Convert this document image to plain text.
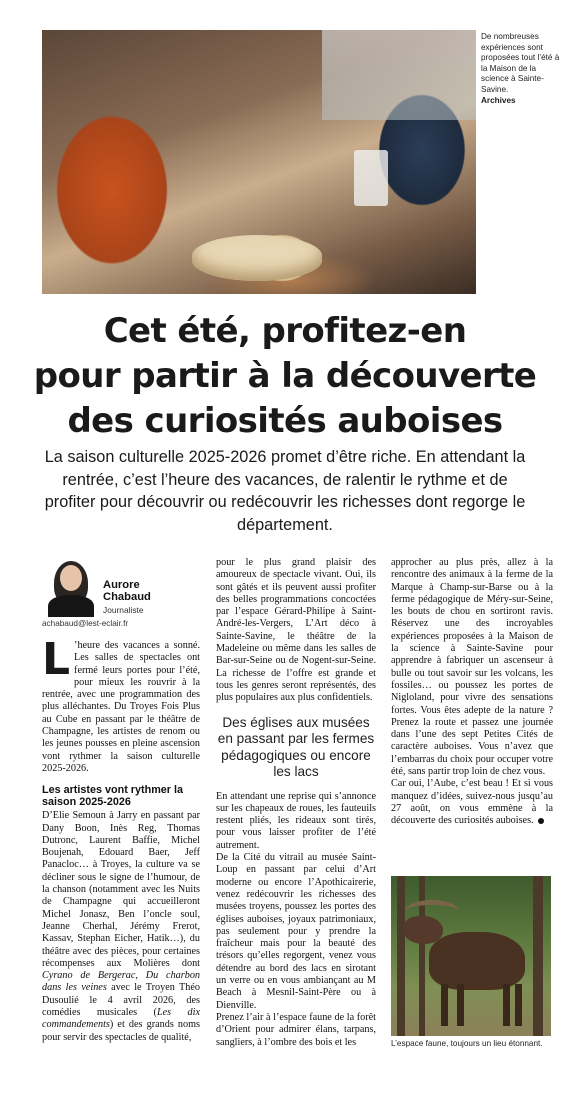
De nombreuses expériences sont proposées tout l’été à la Maison de la science à Sainte-Savine.
Archives
Cet été, profitez-en
pour partir à la découverte
des curiosités auboises

La saison culturelle 2025-2026 promet d’être riche. En attendant la rentrée, c’est l’heure des vacances, de ralentir le rythme et de profiter pour découvrir ou redécouvrir les richesses dont regorge le département.

Aurore
Chabaud
Journaliste
achabaud@lest-eclair.fr

L ’heure des vacances a sonné. Les salles de spectacles ont fermé leurs portes pour l’été, pour mieux les rouvrir à la rentrée, avec une programmation des plus alléchantes. Du Troyes Fois Plus au Cube en passant par le théâtre de Champagne, les artistes de renom ou les jeunes pousses en pleine ascension vont rythmer la saison culturelle 2025-2026.

Les artistes vont rythmer la saison 2025-2026

D’Elie Semoun à Jarry en passant par Dany Boon, Inès Reg, Thomas Dutronc, Laurent Baffie, Michel Boujenah, Edouard Baer, Jeff Panacloc… à Troyes, la culture va se décliner sous le signe de l’humour, de la chanson (notamment avec les Nuits de Champagne qui accueilleront Michel Jonasz, Ben l’oncle soul, Jeanne Cherhal, Jérémy Frerot, Kassav, Stephan Eicher, Hatik…), du théâtre avec des pièces, pour certaines récompenses aux Molières dont Cyrano de Bergerac, Du charbon dans les veines avec le Troyen Théo Dusoulié le 4 avril 2026, des comédies musicales (Les dix commandements) et des grands noms pour servir des spectacles de qualité,

pour le plus grand plaisir des amoureux de spectacle vivant. Oui, ils sont gâtés et ils peuvent aussi profiter des belles programmations concoctées par l’espace Gérard-Philipe à Saint-André-les-Vergers, L’Art déco à Sainte-Savine, le théâtre de la Madeleine ou même dans les salles de Bar-sur-Seine ou de Nogent-sur-Seine. La richesse de l’offre est grande et tous les genres seront représentés, des plus populaires aux plus confidentiels.

Des églises aux musées en passant par les fermes pédagogiques ou encore les lacs

En attendant une reprise qui s’annonce sur les chapeaux de roues, les fauteuils restent pliés, les rideaux sont tirés, pour vous laisser profiter de l’été autrement.

De la Cité du vitrail au musée Saint-Loup en passant par celui d’Art moderne ou encore l’Apothicairerie, venez redécouvrir les richesses des musées troyens, poussez les portes des églises auboises, joyaux patrimoniaux, pas seulement pour y prendre la fraîcheur mais pour la beauté des trésors qu’elles regorgent, venez vous détendre au bord des lacs en sirotant un verre ou en vous ambiançant au M Beach à Mesnil-Saint-Père ou à Dienville.

Prenez l’air à l’espace faune de la forêt d’Orient pour admirer élans, tarpans, sangliers, à l’ombre des bois et les

approcher au plus près, allez à la rencontre des animaux à la ferme de la Marque à Champ-sur-Barse ou à la ferme pédagogique de Méry-sur-Seine, les bouts de chou en sortiront ravis. Réservez une des incroyables expériences proposées à la Maison de la science à Sainte-Savine pour apprendre à fabriquer un ascenseur à bulle ou tout savoir sur les volcans, les fossiles… ou poussez les portes de Nigloland, pour vivre des sensations fortes. Vous êtes adepte de la nature ? Prenez la route et passez une journée dans l’une des sept Petites Cités de caractère auboises. Vous n’avez que l’embarras du choix pour occuper votre été, sans partir trop loin de chez vous.

Car oui, l’Aube, c’est beau ! Et si vous manquez d’idées, suivez-nous jusqu’au 27 août, on vous emmène à la découverte des curiosités auboises.

L’espace faune, toujours un lieu étonnant.
